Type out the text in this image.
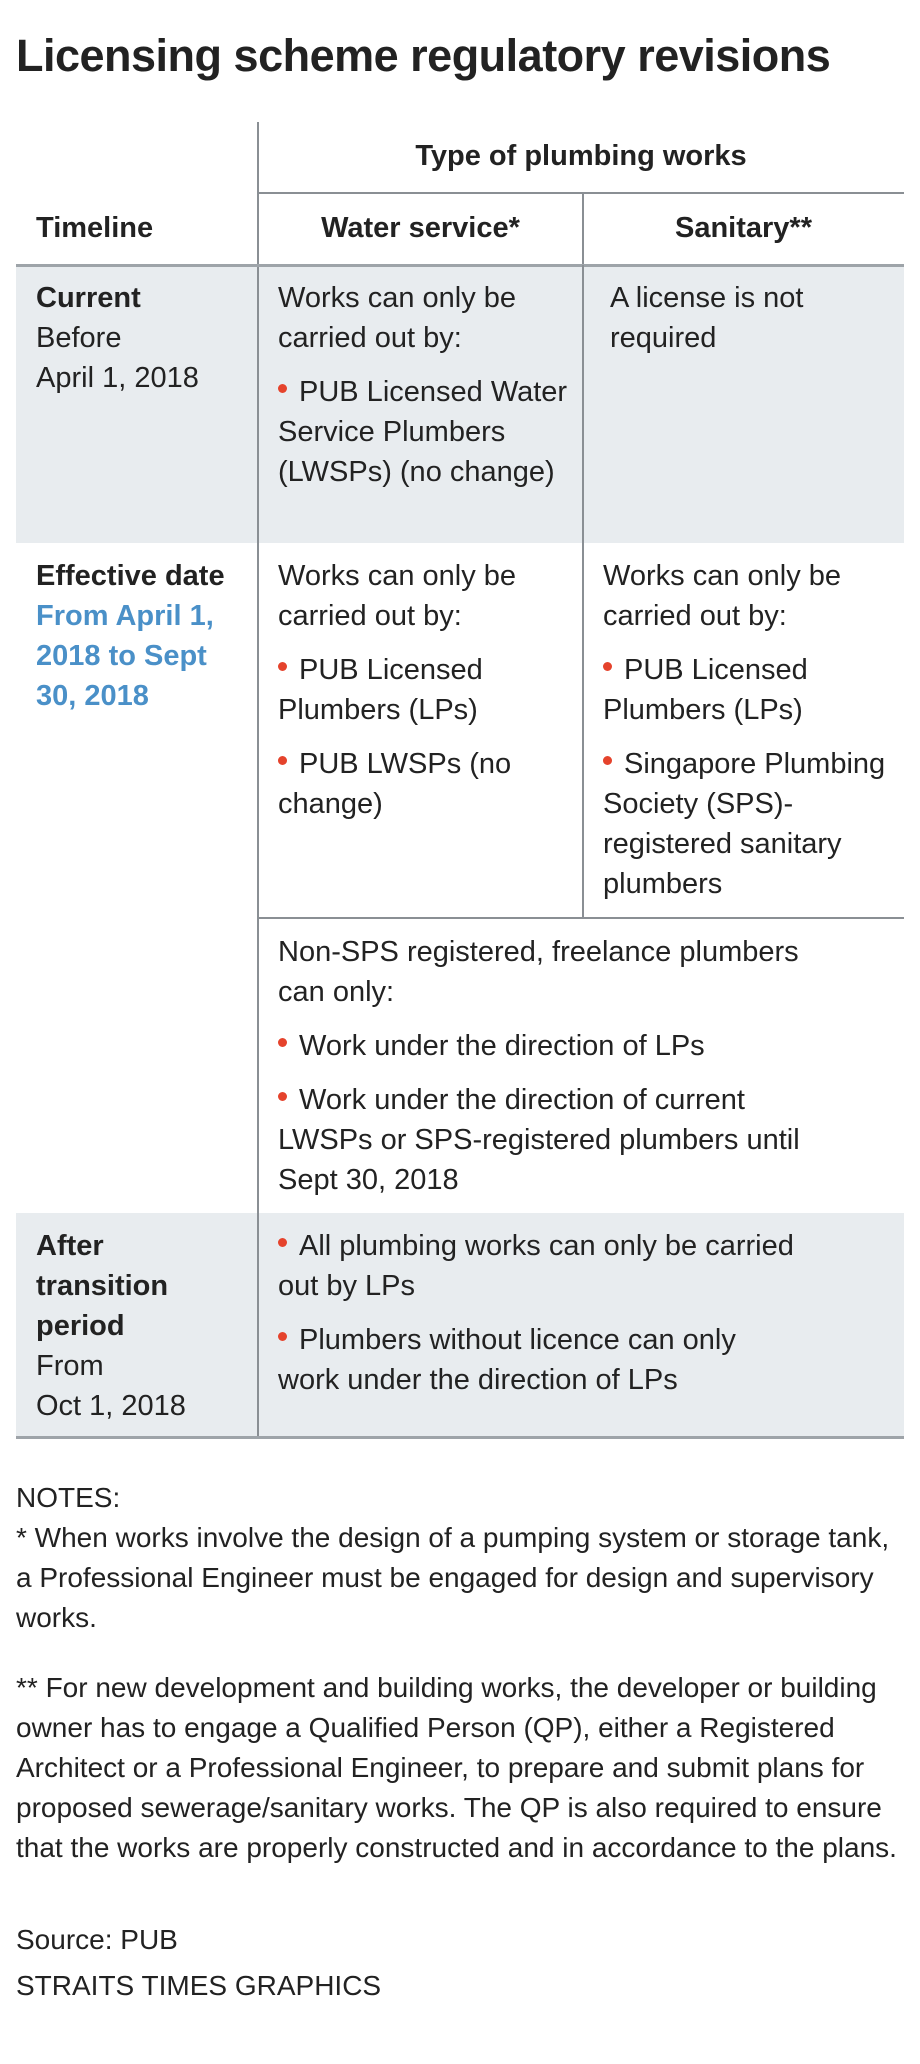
Licensing scheme regulatory revisions
Type of plumbing works
Timeline	Water service*	Sanitary**
Current
Before
April 1, 2018
Works can only be carried out by:
PUB Licensed Water Service Plumbers (LWSPs) (no change)
A license is not required
Effective date
From April 1, 2018 to Sept 30, 2018
Works can only be carried out by:
PUB Licensed Plumbers (LPs)
PUB LWSPs (no change)
Works can only be carried out by:
PUB Licensed Plumbers (LPs)
Singapore Plumbing Society (SPS)-registered sanitary plumbers
Non-SPS registered, freelance plumbers can only:
Work under the direction of LPs
Work under the direction of current LWSPs or SPS-registered plumbers until Sept 30, 2018
After transition period
From
Oct 1, 2018
All plumbing works can only be carried out by LPs
Plumbers without licence can only work under the direction of LPs
NOTES:
* When works involve the design of a pumping system or storage tank, a Professional Engineer must be engaged for design and supervisory works.
** For new development and building works, the developer or building owner has to engage a Qualified Person (QP), either a Registered Architect or a Professional Engineer, to prepare and submit plans for proposed sewerage/sanitary works. The QP is also required to ensure that the works are properly constructed and in accordance to the plans.
Source: PUB
STRAITS TIMES GRAPHICS
